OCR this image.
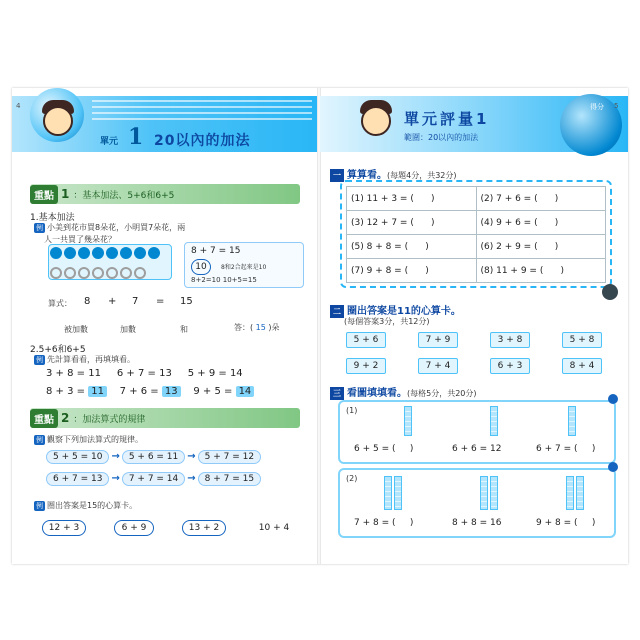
4
單元 1 20以內的加法
重點 1 ：基本加法、5+6和6+5
1.基本加法
例 小美到花市買8朵花，小明買7朵花，兩
人一共買了幾朵花？
8 + 7 = 15
10	8和2合起來是10
8+2=10 10+5=15
算式： 8 + 7 = 15
被加數	加數	和	答：( 15 )朵
2.5+6和6+5
例 先計算看看，再填填看。
3 + 8 = 11 6 + 7 = 13 5 + 9 = 14
8 + 3 = 11 7 + 6 = 13 9 + 5 = 14
重點 2 ：加法算式的規律
例 觀察下列加法算式的規律。
5 + 5 = 10 → 5 + 6 = 11 → 5 + 7 = 12
6 + 7 = 13 → 7 + 7 = 14 → 8 + 7 = 15
例 圈出答案是15的心算卡。
12 + 3	6 + 9	13 + 2	10 + 4
得分 5
單元評量1
範圍：20以內的加法
一 算算看。(每題4分，共32分)
(1) 11 + 3 = ( )	(2) 7 + 6 = ( )
(3) 12 + 7 = ( )	(4) 9 + 6 = ( )
(5) 8 + 8 = ( )	(6) 2 + 9 = ( )
(7) 9 + 8 = ( )	(8) 11 + 9 = ( )
二 圈出答案是11的心算卡。
(每個答案3分，共12分)
5 + 6	7 + 9	3 + 8	5 + 8
9 + 2	7 + 4	6 + 3	8 + 4
三 看圖填填看。(每格5分，共20分)
(1)
6 + 5 = ( )	6 + 6 = 12	6 + 7 = ( )
(2)
7 + 8 = ( )	8 + 8 = 16	9 + 8 = ( )
